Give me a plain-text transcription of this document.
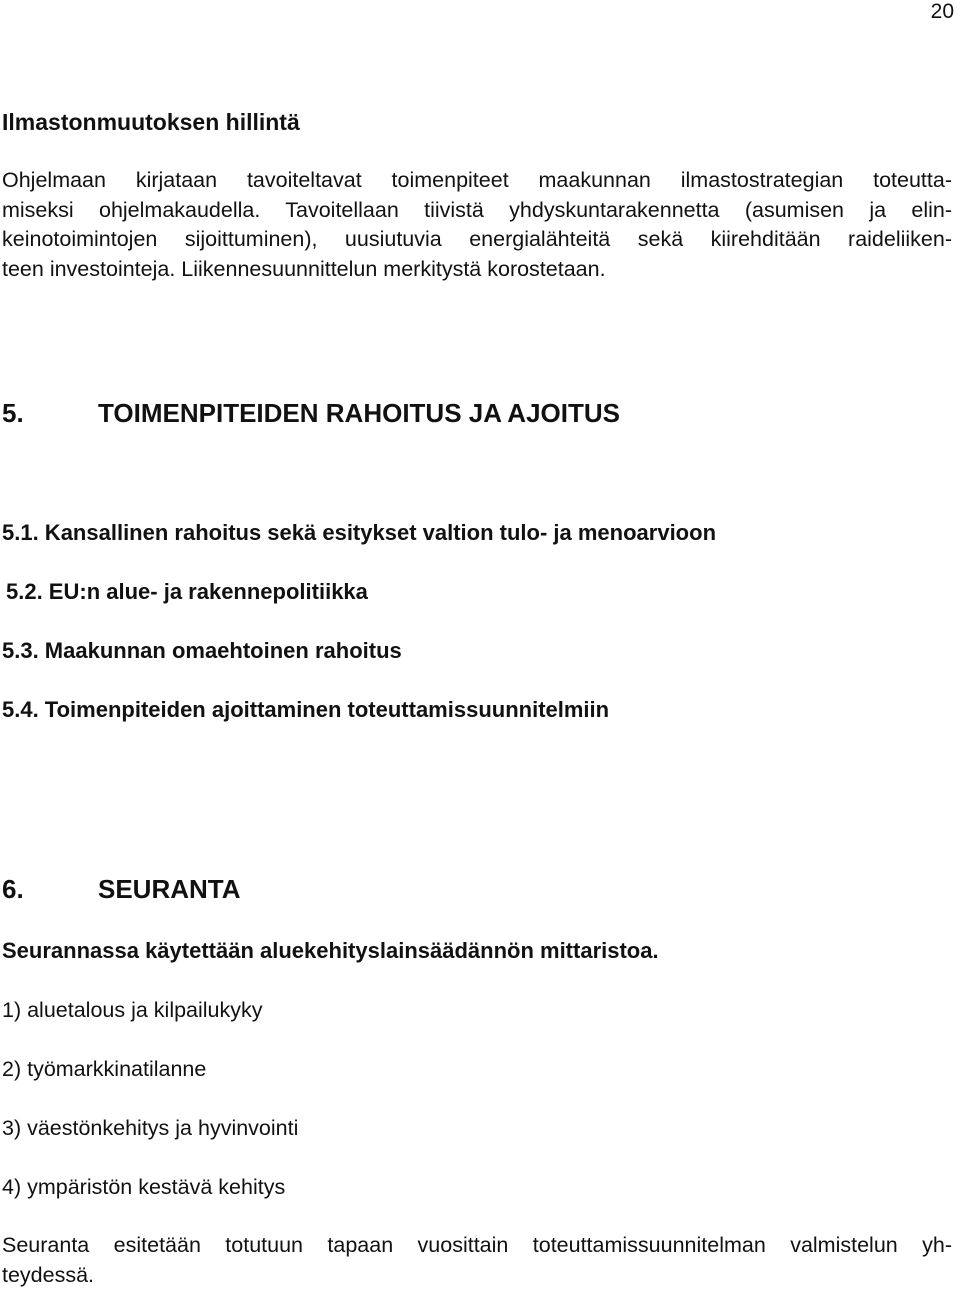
20
Ilmastonmuutoksen hillintä
Ohjelmaan kirjataan tavoiteltavat toimenpiteet maakunnan ilmastostrategian toteutta-
miseksi ohjelmakaudella. Tavoitellaan tiivistä yhdyskuntarakennetta (asumisen ja elin-
keinotoimintojen sijoittuminen), uusiutuvia energialähteitä sekä kiirehditään raideliiken-
teen investointeja. Liikennesuunnittelun merkitystä korostetaan.
5.	TOIMENPITEIDEN RAHOITUS JA AJOITUS
5.1. Kansallinen rahoitus sekä esitykset valtion tulo- ja menoarvioon
5.2. EU:n alue- ja rakennepolitiikka
5.3. Maakunnan omaehtoinen rahoitus
5.4. Toimenpiteiden ajoittaminen toteuttamissuunnitelmiin
6.	SEURANTA
Seurannassa käytettään aluekehityslainsäädännön mittaristoa.
1) aluetalous ja kilpailukyky
2) työmarkkinatilanne
3) väestönkehitys ja hyvinvointi
4) ympäristön kestävä kehitys
Seuranta esitetään totutuun tapaan vuosittain toteuttamissuunnitelman valmistelun yh-
teydessä.
